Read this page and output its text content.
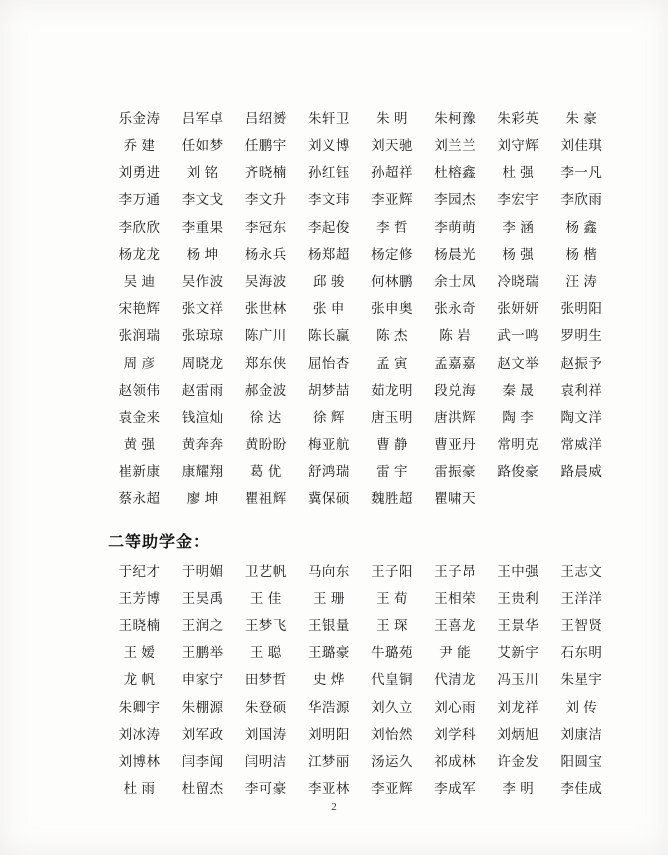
乐金涛	吕军卓	吕绍赟	朱轩卫	朱 明	朱柯豫	朱彩英	朱 豪
乔 建	任如梦	任鹏宇	刘义博	刘天驰	刘兰兰	刘守辉	刘佳琪
刘勇进	刘 铭	齐晓楠	孙红钰	孙超祥	杜榕鑫	杜 强	李一凡
李万通	李文戈	李文升	李文玮	李亚辉	李园杰	李宏宇	李欣雨
李欣欣	李重果	李冠东	李起俊	李 哲	李萌萌	李 涵	杨 鑫
杨龙龙	杨 坤	杨永兵	杨郑超	杨定修	杨晨光	杨 强	杨 楷
吴 迪	吴作波	吴海波	邱 骏	何林鹏	余士凤	冷晓瑞	汪 涛
宋艳辉	张文祥	张世林	张 申	张申奥	张永奇	张妍妍	张明阳
张润瑞	张琼琼	陈广川	陈长赢	陈 杰	陈 岩	武一鸣	罗明生
周 彦	周晓龙	郑东侠	屈怡杏	孟 寅	孟嘉嘉	赵文举	赵振予
赵领伟	赵雷雨	郝金波	胡梦喆	茹龙明	段兑海	秦 晟	袁利祥
袁金来	钱渲灿	徐 达	徐 辉	唐玉明	唐洪辉	陶 李	陶文洋
黄 强	黄奔奔	黄盼盼	梅亚航	曹 静	曹亚丹	常明克	常威洋
崔新康	康耀翔	葛 优	舒鸿瑞	雷 宇	雷振豪	路俊豪	路晨威
蔡永超	廖 坤	瞿祖辉	冀保硕	魏胜超	瞿啸天		
二等助学金：
于纪才	于明媚	卫艺帆	马向东	王子阳	王子昂	王中强	王志文
王芳博	王昊禹	王 佳	王 珊	王 荀	王相荣	王贵利	王洋洋
王晓楠	王润之	王梦飞	王银量	王 琛	王喜龙	王景华	王智贤
王 嫒	王鹏举	王 聪	王璐豪	牛璐苑	尹 能	艾新宇	石东明
龙 帆	申家宁	田梦哲	史 烨	代皇铜	代清龙	冯玉川	朱星宇
朱卿宇	朱棚源	朱登硕	华浩源	刘久立	刘心雨	刘龙祥	刘 传
刘冰涛	刘军政	刘国涛	刘明阳	刘怡然	刘学科	刘炳旭	刘康洁
刘博林	闫李闻	闫明洁	江梦丽	汤运久	祁成林	许金发	阳圆宝
杜 雨	杜留杰	李可豪	李亚林	李亚辉	李成军	李 明	李佳成
2
